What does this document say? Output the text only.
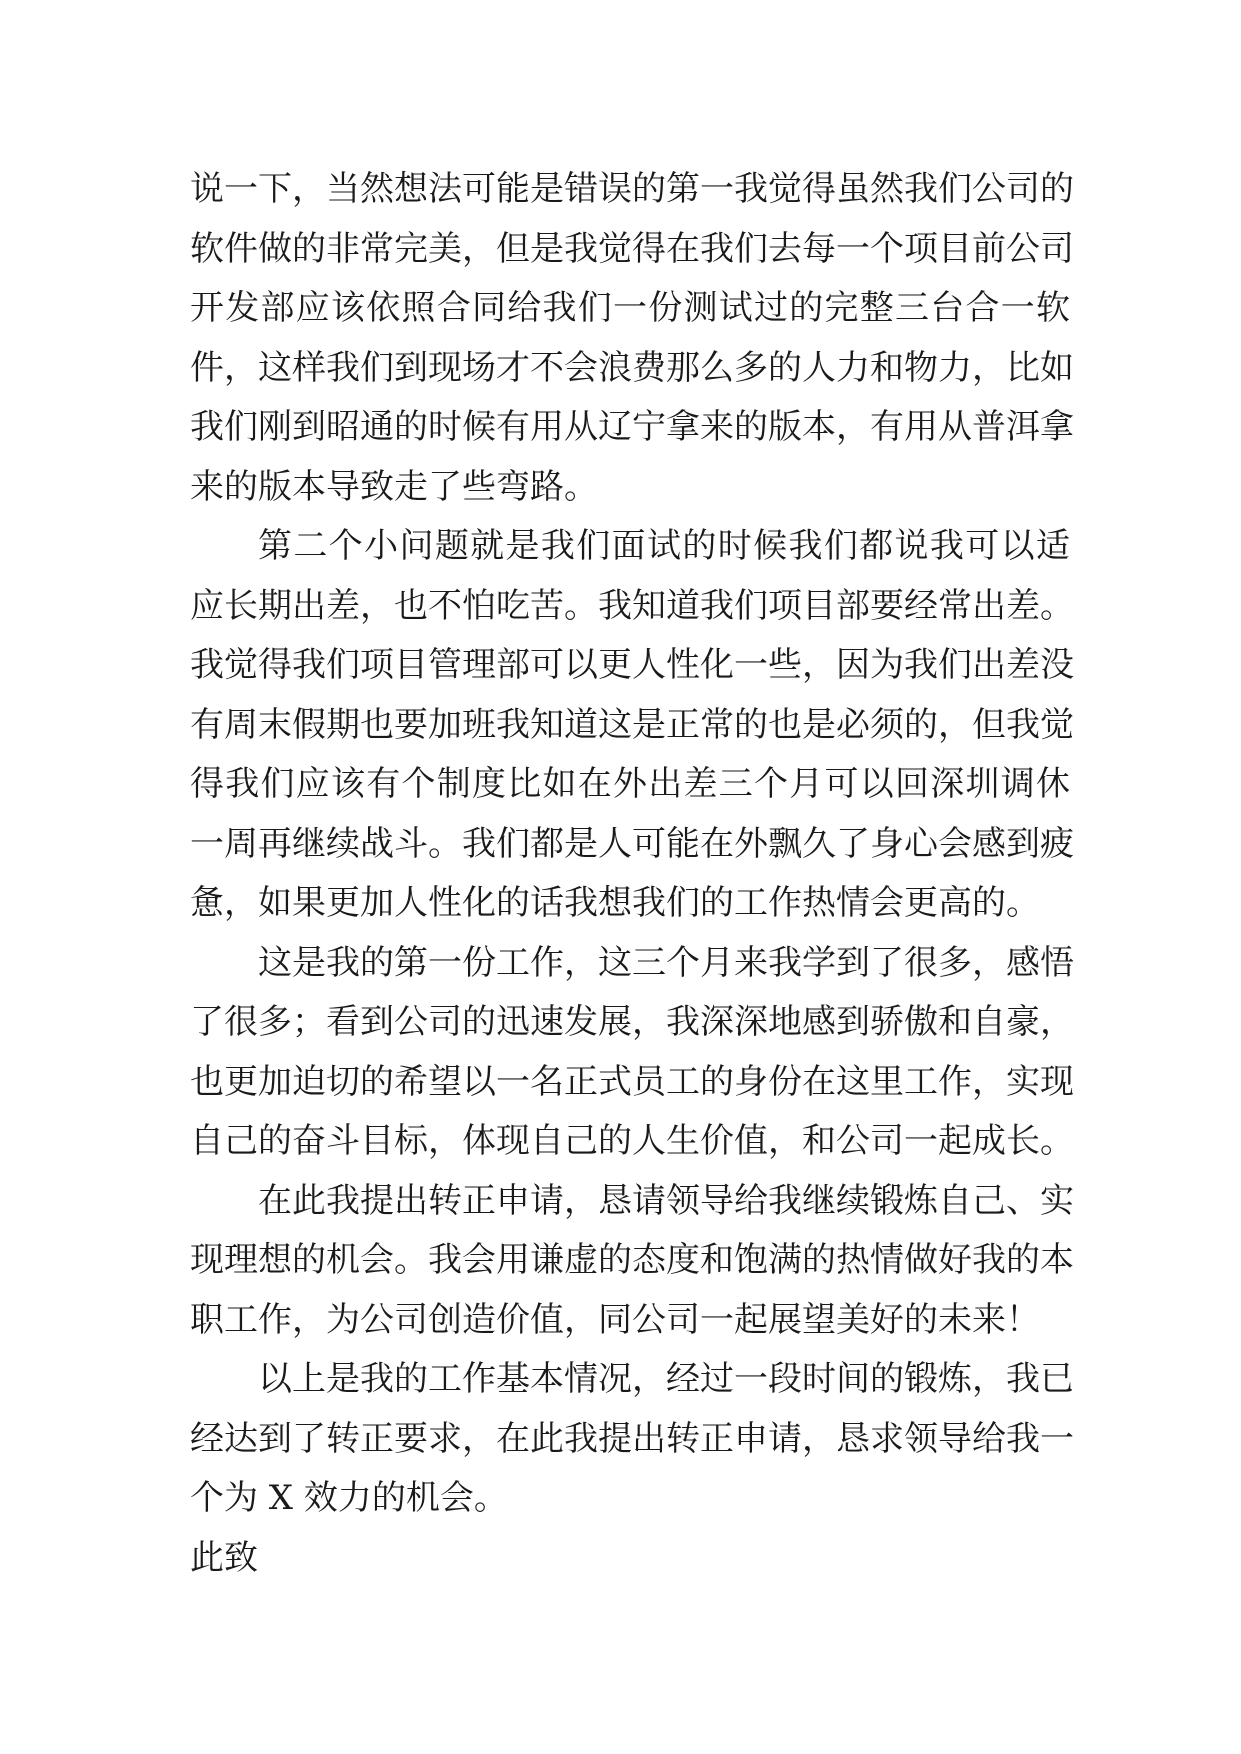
说一下，当然想法可能是错误的第一我觉得虽然我们公司的
软件做的非常完美，但是我觉得在我们去每一个项目前公司
开发部应该依照合同给我们一份测试过的完整三台合一软
件，这样我们到现场才不会浪费那么多的人力和物力，比如
我们刚到昭通的时候有用从辽宁拿来的版本，有用从普洱拿
来的版本导致走了些弯路。
第二个小问题就是我们面试的时候我们都说我可以适
应长期出差，也不怕吃苦。我知道我们项目部要经常出差。
我觉得我们项目管理部可以更人性化一些，因为我们出差没
有周末假期也要加班我知道这是正常的也是必须的，但我觉
得我们应该有个制度比如在外出差三个月可以回深圳调休
一周再继续战斗。我们都是人可能在外飘久了身心会感到疲
惫，如果更加人性化的话我想我们的工作热情会更高的。
这是我的第一份工作，这三个月来我学到了很多，感悟
了很多；看到公司的迅速发展，我深深地感到骄傲和自豪，
也更加迫切的希望以一名正式员工的身份在这里工作，实现
自己的奋斗目标，体现自己的人生价值，和公司一起成长。
在此我提出转正申请，恳请领导给我继续锻炼自己、实
现理想的机会。我会用谦虚的态度和饱满的热情做好我的本
职工作，为公司创造价值，同公司一起展望美好的未来！
以上是我的工作基本情况，经过一段时间的锻炼，我已
经达到了转正要求，在此我提出转正申请，恳求领导给我一
个为 X 效力的机会。
此致
